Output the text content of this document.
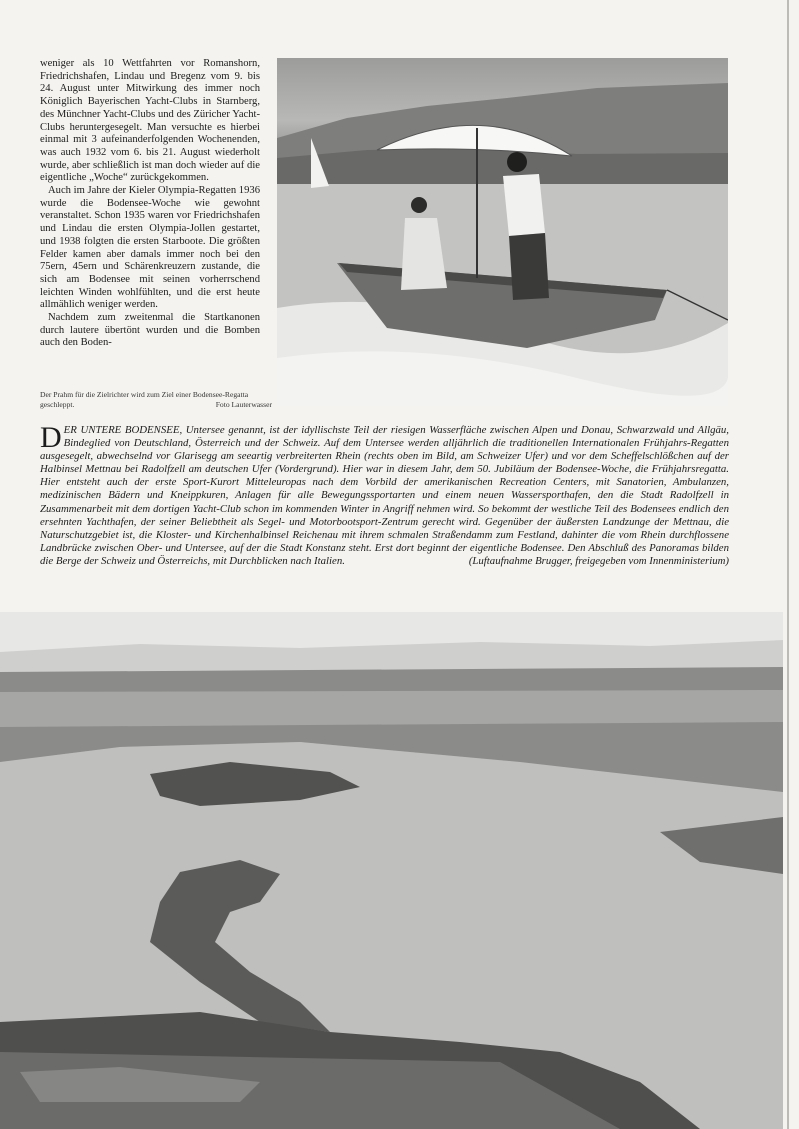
weniger als 10 Wettfahrten vor Romanshorn, Friedrichshafen, Lindau und Bregenz vom 9. bis 24. August unter Mitwirkung des immer noch Königlich Bayerischen Yacht-Clubs in Starnberg, des Münchner Yacht-Clubs und des Züricher Yacht-Clubs heruntergesegelt. Man versuchte es hierbei einmal mit 3 aufeinanderfolgenden Wochenenden, was auch 1932 vom 6. bis 21. August wiederholt wurde, aber schließlich ist man doch wieder auf die eigentliche „Woche“ zurückgekommen.

Auch im Jahre der Kieler Olympia-Regatten 1936 wurde die Bodensee-Woche wie gewohnt veranstaltet. Schon 1935 waren vor Friedrichshafen und Lindau die ersten Olympia-Jollen gestartet, und 1938 folgten die ersten Starboote. Die größten Felder kamen aber damals immer noch bei den 75ern, 45ern und Schärenkreuzern zustande, die sich am Bodensee mit seinen vorherrschend leichten Winden wohlfühlten, und die erst heute allmählich weniger werden.

Nachdem zum zweitenmal die Startkanonen durch lautere übertönt wurden und die Bomben auch den Boden-

Der Prahm für die Zielrichter wird zum Ziel einer Bodensee-Regatta geschleppt.	Foto Lauterwasser
DER UNTERE BODENSEE, Untersee genannt, ist der idyllischste Teil der riesigen Wasserfläche zwischen Alpen und Donau, Schwarzwald und Allgäu, Bindeglied von Deutschland, Österreich und der Schweiz. Auf dem Untersee werden alljährlich die traditionellen Internationalen Frühjahrs-Regatten ausgesegelt, abwechselnd vor Glarisegg am seeartig verbreiterten Rhein (rechts oben im Bild, am Schweizer Ufer) und vor dem Scheffelschlößchen auf der Halbinsel Mettnau bei Radolfzell am deutschen Ufer (Vordergrund). Hier war in diesem Jahr, dem 50. Jubiläum der Bodensee-Woche, die Frühjahrsregatta. Hier entsteht auch der erste Sport-Kurort Mitteleuropas nach dem Vorbild der amerikanischen Recreation Centers, mit Sanatorien, Ambulanzen, medizinischen Bädern und Kneippkuren, Anlagen für alle Bewegungssportarten und einem neuen Wassersporthafen, den die Stadt Radolfzell in Zusammenarbeit mit dem dortigen Yacht-Club schon im kommenden Winter in Angriff nehmen wird. So bekommt der westliche Teil des Bodensees endlich den ersehnten Yachthafen, der seiner Beliebtheit als Segel- und Motorbootsport-Zentrum gerecht wird. Gegenüber der äußersten Landzunge der Mettnau, die Naturschutzgebiet ist, die Kloster- und Kirchenhalbinsel Reichenau mit ihrem schmalen Straßendamm zum Festland, dahinter die vom Rhein durchflossene Landbrücke zwischen Ober- und Untersee, auf der die Stadt Konstanz steht. Erst dort beginnt der eigentliche Bodensee. Den Abschluß des Panoramas bilden die Berge der Schweiz und Österreichs, mit Durchblicken nach Italien.	(Luftaufnahme Brugger, freigegeben vom Innenministerium)
